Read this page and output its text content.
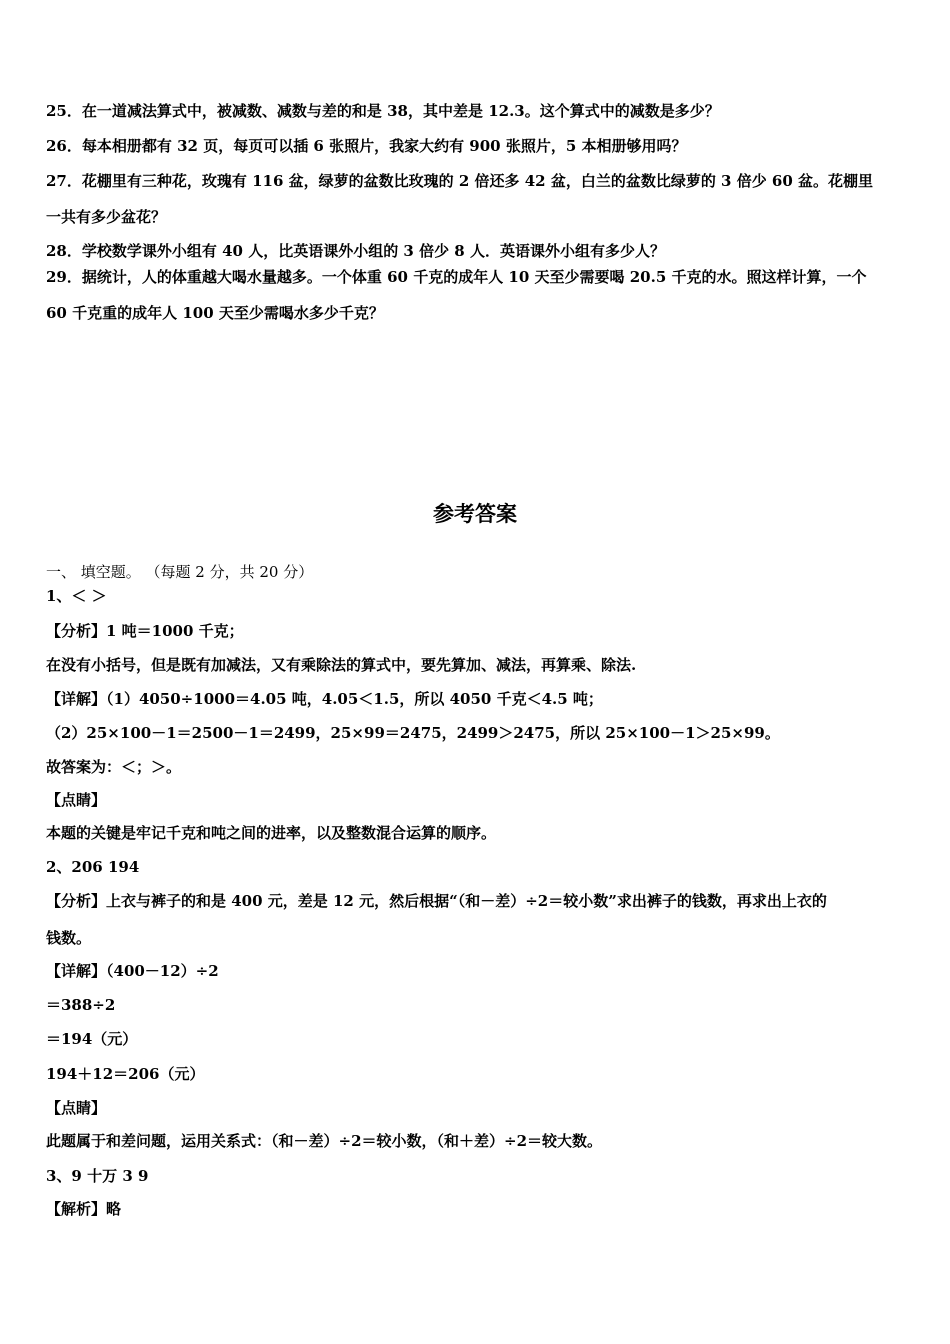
25．在一道减法算式中，被减数、减数与差的和是 38，其中差是 12.3。这个算式中的减数是多少？
26．每本相册都有 32 页，每页可以插 6 张照片，我家大约有 900 张照片，5 本相册够用吗？
27．花棚里有三种花，玫瑰有 116 盆，绿萝的盆数比玫瑰的 2 倍还多 42 盆，白兰的盆数比绿萝的 3 倍少 60 盆。花棚里
一共有多少盆花？
28．学校数学课外小组有 40 人，比英语课外小组的 3 倍少 8 人．英语课外小组有多少人？
29．据统计，人的体重越大喝水量越多。一个体重 60 千克的成年人 10 天至少需要喝 20.5 千克的水。照这样计算，一个
60 千克重的成年人 100 天至少需喝水多少千克？
参考答案
一、 填空题。 （每题 2 分，共 20 分）
1、＜ ＞
【分析】1 吨＝1000 千克；
在没有小括号，但是既有加减法，又有乘除法的算式中，要先算加、减法，再算乘、除法.
【详解】（1）4050÷1000＝4.05 吨，4.05＜1.5，所以 4050 千克＜4.5 吨；
（2）25×100－1＝2500－1＝2499，25×99＝2475，2499＞2475，所以 25×100－1＞25×99。
故答案为：＜；＞。
【点睛】
本题的关键是牢记千克和吨之间的进率，以及整数混合运算的顺序。
2、206 194
【分析】上衣与裤子的和是 400 元，差是 12 元，然后根据“（和－差）÷2＝较小数”求出裤子的钱数，再求出上衣的
钱数。
【详解】（400－12）÷2
＝388÷2
＝194（元）
194＋12＝206（元）
【点睛】
此题属于和差问题，运用关系式：（和－差）÷2＝较小数，（和＋差）÷2＝较大数。
3、9 十万 3 9
【解析】略
